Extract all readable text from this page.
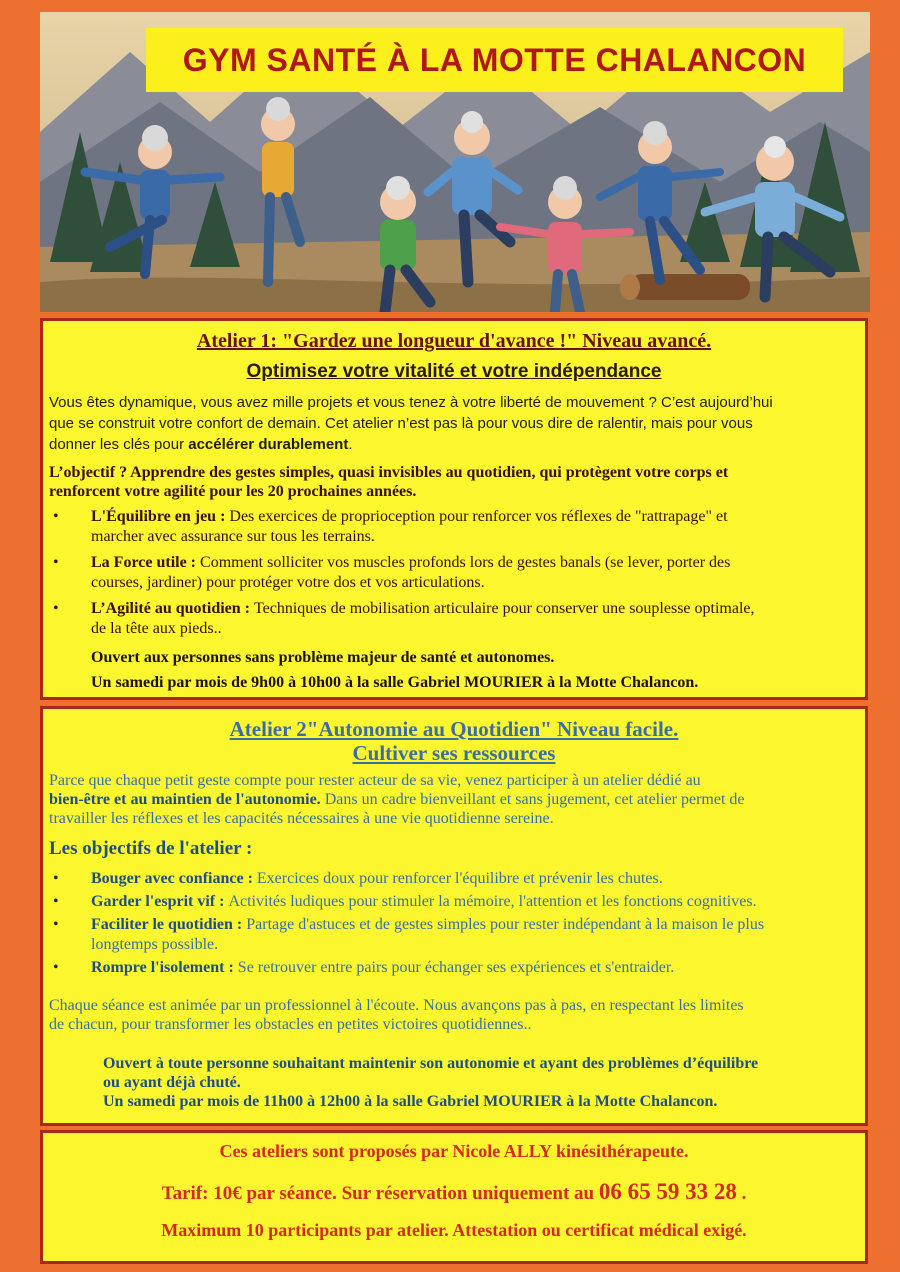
GYM SANTÉ À LA MOTTE CHALANCON
Atelier 1: "Gardez une longueur d'avance !" Niveau avancé.
Optimisez votre vitalité et votre indépendance
Vous êtes dynamique, vous avez mille projets et vous tenez à votre liberté de mouvement ? C’est aujourd’hui
que se construit votre confort de demain. Cet atelier n’est pas là pour vous dire de ralentir, mais pour vous
donner les clés pour accélérer durablement.
L’objectif ? Apprendre des gestes simples, quasi invisibles au quotidien, qui protègent votre corps et
renforcent votre agilité pour les 20 prochaines années.
• L'Équilibre en jeu : Des exercices de proprioception pour renforcer vos réflexes de "rattrapage" et
marcher avec assurance sur tous les terrains.
• La Force utile : Comment solliciter vos muscles profonds lors de gestes banals (se lever, porter des
courses, jardiner) pour protéger votre dos et vos articulations.
• L’Agilité au quotidien : Techniques de mobilisation articulaire pour conserver une souplesse optimale,
de la tête aux pieds..
Ouvert aux personnes sans problème majeur de santé et autonomes.
Un samedi par mois de 9h00 à 10h00 à la salle Gabriel MOURIER à la Motte Chalancon.
Atelier 2"Autonomie au Quotidien" Niveau facile.
Cultiver ses ressources
Parce que chaque petit geste compte pour rester acteur de sa vie, venez participer à un atelier dédié au
bien-être et au maintien de l'autonomie. Dans un cadre bienveillant et sans jugement, cet atelier permet de
travailler les réflexes et les capacités nécessaires à une vie quotidienne sereine.
Les objectifs de l'atelier :
• Bouger avec confiance : Exercices doux pour renforcer l'équilibre et prévenir les chutes.
• Garder l'esprit vif : Activités ludiques pour stimuler la mémoire, l'attention et les fonctions cognitives.
• Faciliter le quotidien : Partage d'astuces et de gestes simples pour rester indépendant à la maison le plus
longtemps possible.
• Rompre l'isolement : Se retrouver entre pairs pour échanger ses expériences et s'entraider.
Chaque séance est animée par un professionnel à l'écoute. Nous avançons pas à pas, en respectant les limites
de chacun, pour transformer les obstacles en petites victoires quotidiennes..
Ouvert à toute personne souhaitant maintenir son autonomie et ayant des problèmes d’équilibre
ou ayant déjà chuté.
Un samedi par mois de 11h00 à 12h00 à la salle Gabriel MOURIER à la Motte Chalancon.
Ces ateliers sont proposés par Nicole ALLY kinésithérapeute.
Tarif: 10€ par séance. Sur réservation uniquement au 06 65 59 33 28 .
Maximum 10 participants par atelier. Attestation ou certificat médical exigé.
